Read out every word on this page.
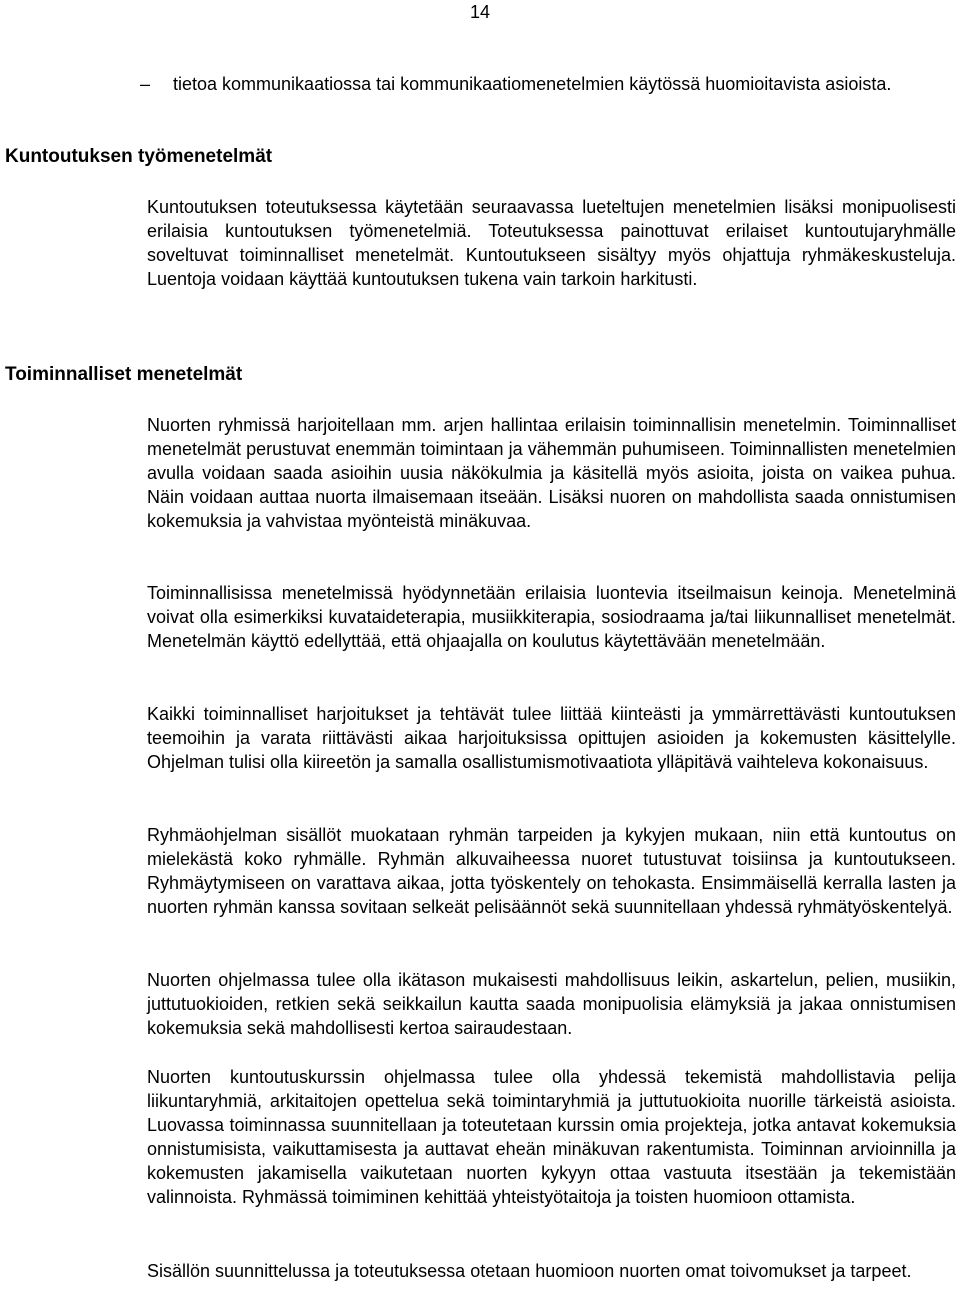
14
– tietoa kommunikaatiossa tai kommunikaatiomenetelmien käytössä huomioitavista asioista.
Kuntoutuksen työmenetelmät

Kuntoutuksen toteutuksessa käytetään seuraavassa lueteltujen menetelmien lisäksi monipuolisesti erilaisia kuntoutuksen työmenetelmiä. Toteutuksessa painottuvat erilaiset kuntoutujaryhmälle soveltuvat toiminnalliset menetelmät. Kuntoutukseen sisältyy myös ohjattuja ryhmäkeskusteluja. Luentoja voidaan käyttää kuntoutuksen tukena vain tarkoin harkitusti.

Toiminnalliset menetelmät

Nuorten ryhmissä harjoitellaan mm. arjen hallintaa erilaisin toiminnallisin menetelmin. Toiminnalliset menetelmät perustuvat enemmän toimintaan ja vähemmän puhumiseen. Toiminnallisten menetelmien avulla voidaan saada asioihin uusia näkökulmia ja käsitellä myös asioita, joista on vaikea puhua. Näin voidaan auttaa nuorta ilmaisemaan itseään. Lisäksi nuoren on mahdollista saada onnistumisen kokemuksia ja vahvistaa myönteistä minäkuvaa.

Toiminnallisissa menetelmissä hyödynnetään erilaisia luontevia itseilmaisun keinoja. Menetelminä voivat olla esimerkiksi kuvataideterapia, musiikkiterapia, sosiodraama ja/tai liikunnalliset menetelmät. Menetelmän käyttö edellyttää, että ohjaajalla on koulutus käytettävään menetelmään.

Kaikki toiminnalliset harjoitukset ja tehtävät tulee liittää kiinteästi ja ymmärrettävästi kuntoutuksen teemoihin ja varata riittävästi aikaa harjoituksissa opittujen asioiden ja kokemusten käsittelylle. Ohjelman tulisi olla kiireetön ja samalla osallistumismotivaatiota ylläpitävä vaihteleva kokonaisuus.

Ryhmäohjelman sisällöt muokataan ryhmän tarpeiden ja kykyjen mukaan, niin että kuntoutus on mielekästä koko ryhmälle. Ryhmän alkuvaiheessa nuoret tutustuvat toisiinsa ja kuntoutukseen. Ryhmäytymiseen on varattava aikaa, jotta työskentely on tehokasta. Ensimmäisellä kerralla lasten ja nuorten ryhmän kanssa sovitaan selkeät pelisäännöt sekä suunnitellaan yhdessä ryhmätyöskentelyä.

Nuorten ohjelmassa tulee olla ikätason mukaisesti mahdollisuus leikin, askartelun, pelien, musiikin, juttutuokioiden, retkien sekä seikkailun kautta saada monipuolisia elämyksiä ja jakaa onnistumisen kokemuksia sekä mahdollisesti kertoa sairaudestaan.

Nuorten kuntoutuskurssin ohjelmassa tulee olla yhdessä tekemistä mahdollistavia pelija liikuntaryhmiä, arkitaitojen opettelua sekä toimintaryhmiä ja juttutuokioita nuorille tärkeistä asioista. Luovassa toiminnassa suunnitellaan ja toteutetaan kurssin omia projekteja, jotka antavat kokemuksia onnistumisista, vaikuttamisesta ja auttavat eheän minäkuvan rakentumista. Toiminnan arvioinnilla ja kokemusten jakamisella vaikutetaan nuorten kykyyn ottaa vastuuta itsestään ja tekemistään valinnoista. Ryhmässä toimiminen kehittää yhteistyötaitoja ja toisten huomioon ottamista.

Sisällön suunnittelussa ja toteutuksessa otetaan huomioon nuorten omat toivomukset ja tarpeet.
